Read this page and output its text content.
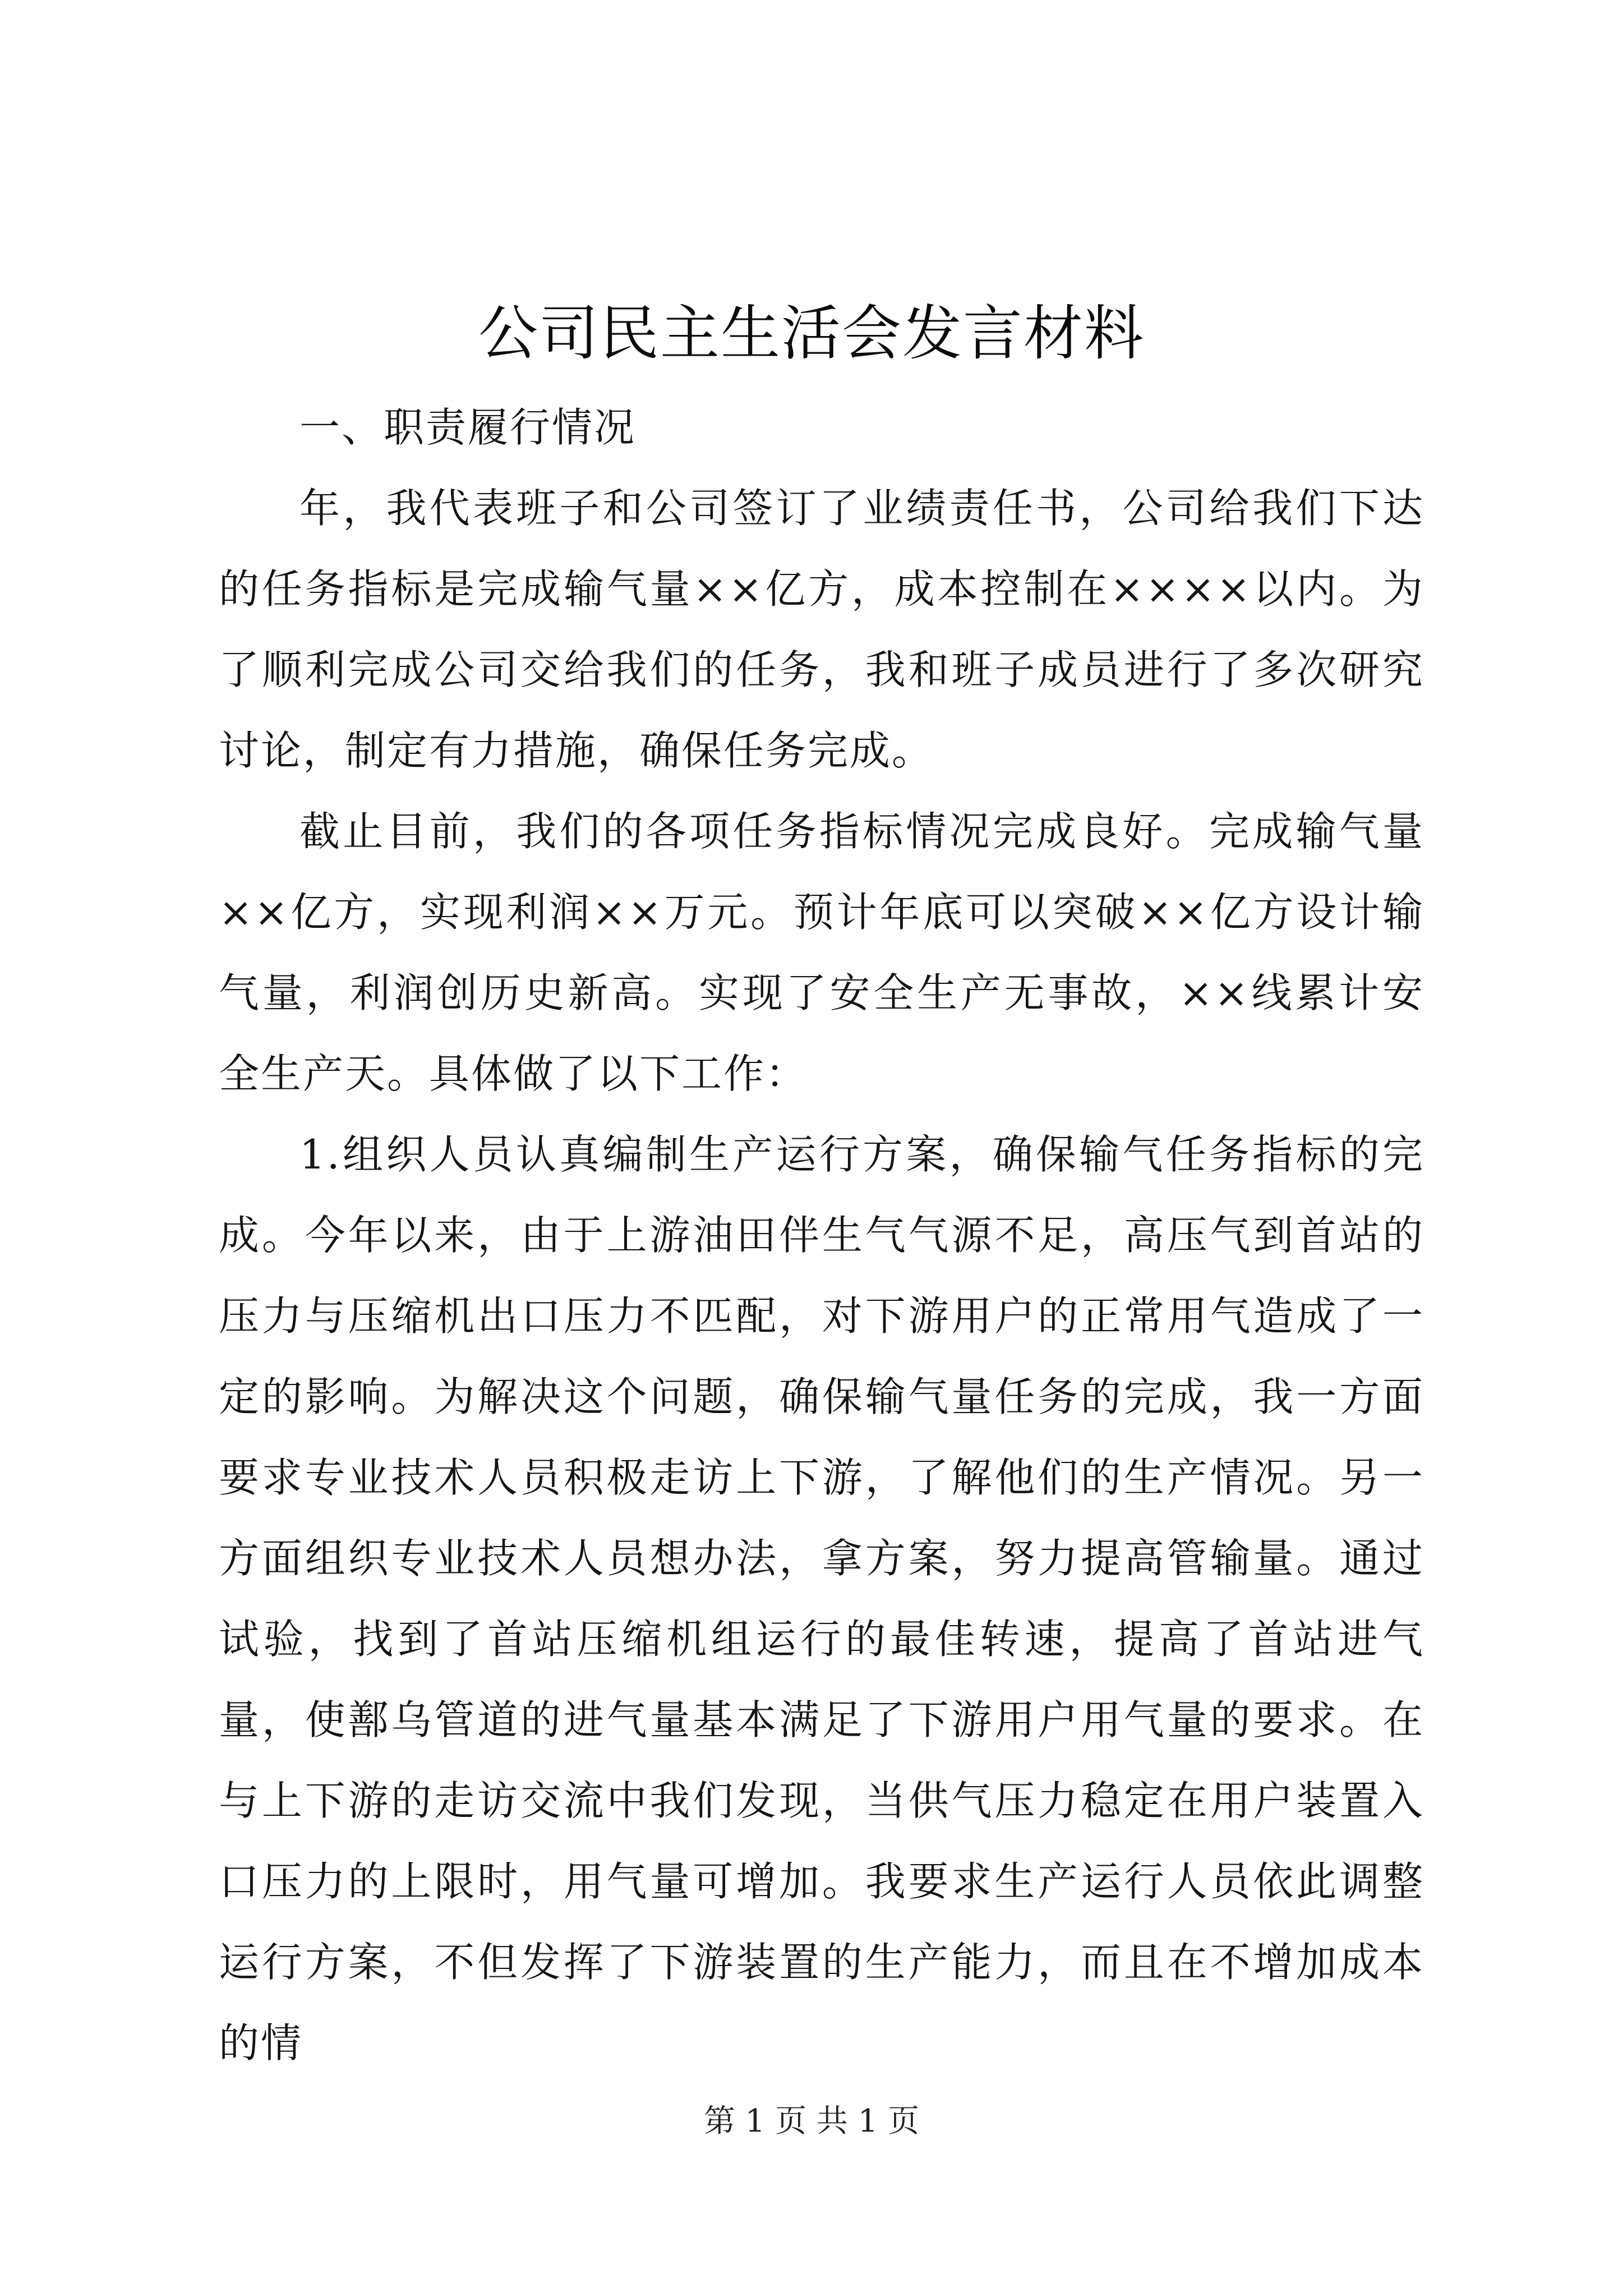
公司民主生活会发言材料

一、职责履行情况

年，我代表班子和公司签订了业绩责任书，公司给我们下达的任务指标是完成输气量××亿方，成本控制在××××以内。为了顺利完成公司交给我们的任务，我和班子成员进行了多次研究讨论，制定有力措施，确保任务完成。

截止目前，我们的各项任务指标情况完成良好。完成输气量××亿方，实现利润××万元。预计年底可以突破××亿方设计输气量，利润创历史新高。实现了安全生产无事故，××线累计安全生产天。具体做了以下工作：

1.组织人员认真编制生产运行方案，确保输气任务指标的完成。今年以来，由于上游油田伴生气气源不足，高压气到首站的压力与压缩机出口压力不匹配，对下游用户的正常用气造成了一定的影响。为解决这个问题，确保输气量任务的完成，我一方面要求专业技术人员积极走访上下游，了解他们的生产情况。另一方面组织专业技术人员想办法，拿方案，努力提高管输量。通过试验，找到了首站压缩机组运行的最佳转速，提高了首站进气量，使鄯乌管道的进气量基本满足了下游用户用气量的要求。在与上下游的走访交流中我们发现，当供气压力稳定在用户装置入口压力的上限时，用气量可增加。我要求生产运行人员依此调整运行方案，不但发挥了下游装置的生产能力，而且在不增加成本的情

第 1 页 共 1 页
